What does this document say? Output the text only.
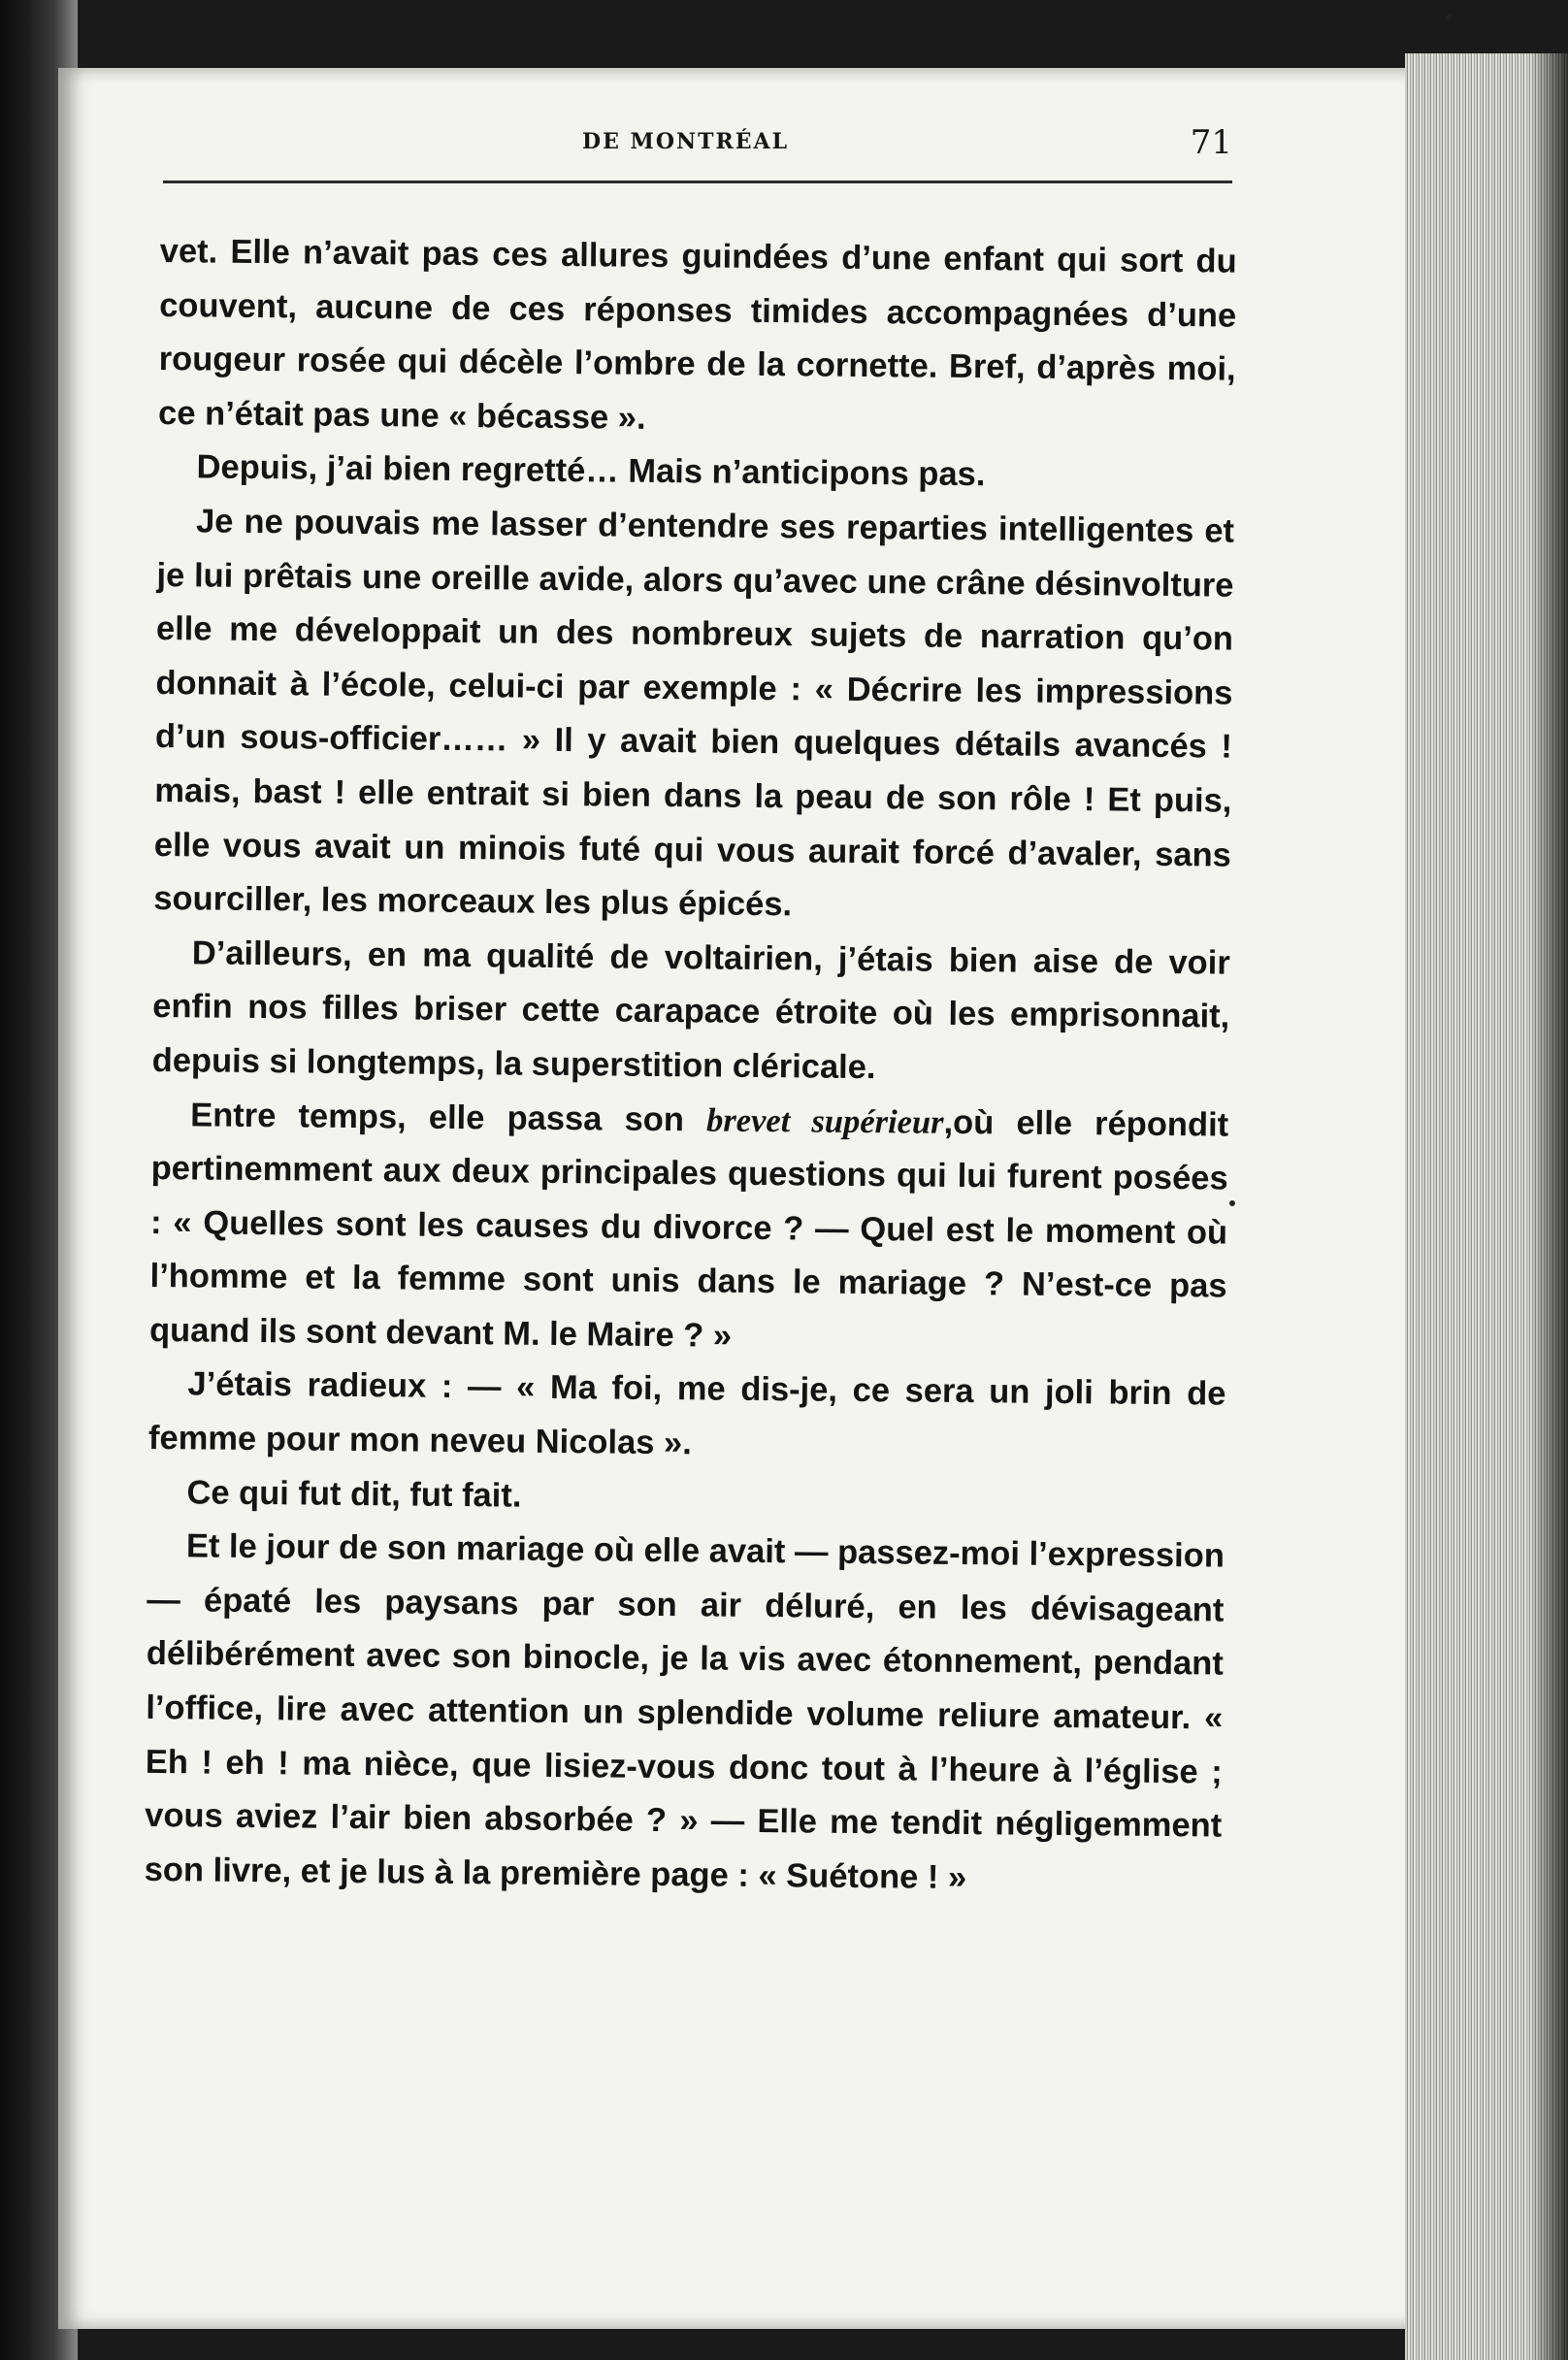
DE MONTRÉAL	71

vet. Elle n’avait pas ces allures guindées d’une enfant qui sort du couvent, aucune de ces réponses timides accompagnées d’une rougeur rosée qui décèle l’ombre de la cornette. Bref, d’après moi, ce n’était pas une « bécasse ».

Depuis, j’ai bien regretté… Mais n’anticipons pas.

Je ne pouvais me lasser d’entendre ses reparties intelligentes et je lui prêtais une oreille avide, alors qu’avec une crâne désinvolture elle me développait un des nombreux sujets de narration qu’on donnait à l’école, celui-ci par exemple : « Décrire les impressions d’un sous-officier…… » Il y avait bien quelques détails avancés ! mais, bast ! elle entrait si bien dans la peau de son rôle ! Et puis, elle vous avait un minois futé qui vous aurait forcé d’avaler, sans sourciller, les morceaux les plus épicés.

D’ailleurs, en ma qualité de voltairien, j’étais bien aise de voir enfin nos filles briser cette carapace étroite où les emprisonnait, depuis si longtemps, la superstition cléricale.

Entre temps, elle passa son brevet supérieur,où elle répondit pertinemment aux deux principales questions qui lui furent posées : « Quelles sont les causes du divorce ? — Quel est le moment où l’homme et la femme sont unis dans le mariage ? N’est-ce pas quand ils sont devant M. le Maire ? »

J’étais radieux : — « Ma foi, me dis-je, ce sera un joli brin de femme pour mon neveu Nicolas ».

Ce qui fut dit, fut fait.

Et le jour de son mariage où elle avait — passez-moi l’expression — épaté les paysans par son air déluré, en les dévisageant délibérément avec son binocle, je la vis avec étonnement, pendant l’office, lire avec attention un splendide volume reliure amateur. « Eh ! eh ! ma nièce, que lisiez-vous donc tout à l’heure à l’église ; vous aviez l’air bien absorbée ? » — Elle me tendit négligemment son livre, et je lus à la première page : « Suétone ! »
